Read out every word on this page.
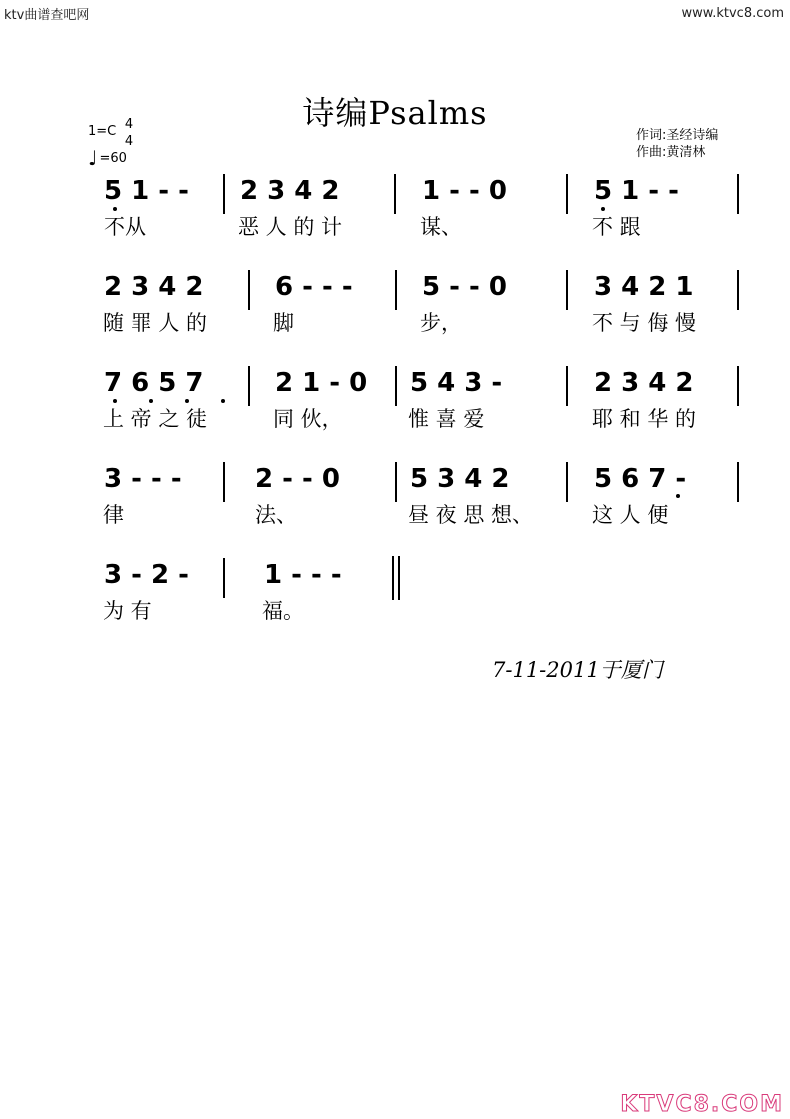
ktv曲谱查吧网	www.ktvc8.com
诗编Psalms
1=C 4
4
♩ =60
作词:圣经诗编
作曲:黄清林
5 1 - -
不从
2 3 4 2
恶 人 的 计
1 - - 0
谋、
5 1 - -
不 跟
2 3 4 2
随 罪 人 的
6 - - -
脚
5 - - 0
步，
3 4 2 1
不 与 侮 慢
7 6 5 7
上 帝 之 徒
2 1 - 0
同 伙，
5 4 3 -
惟 喜 爱
2 3 4 2
耶 和 华 的
3 - - -
律
2 - - 0
法、
5 3 4 2
昼 夜 思 想、
5 6 7 -
这 人 便
3 - 2 -
为 有
1 - - -
福。
7-11-2011于厦门
KTVC8.COM
